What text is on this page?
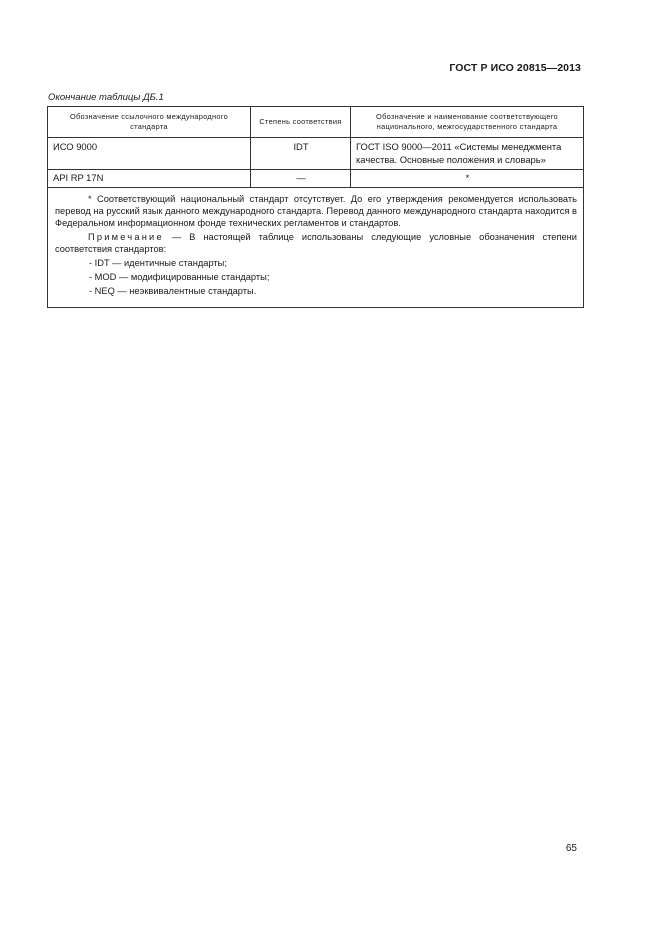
ГОСТ Р ИСО 20815—2013
Окончание таблицы ДБ.1
Обозначение ссылочного международного стандарта	Степень соответствия	Обозначение и наименование соответствующего национального, межгосударственного стандарта
ИСО 9000	IDT	ГОСТ ISO 9000—2011 «Системы менеджмента качества. Основные положения и словарь»
API RP 17N	—	*

* Соответствующий национальный стандарт отсутствует. До его утверждения рекомендуется использовать перевод на русский язык данного международного стандарта. Перевод данного международного стандарта находится в Федеральном информационном фонде технических регламентов и стандартов.

Примечание — В настоящей таблице использованы следующие условные обозначения степени соответствия стандартов:

- IDT — идентичные стандарты;

- MOD — модифицированные стандарты;

- NEQ — неэквивалентные стандарты.		

65
